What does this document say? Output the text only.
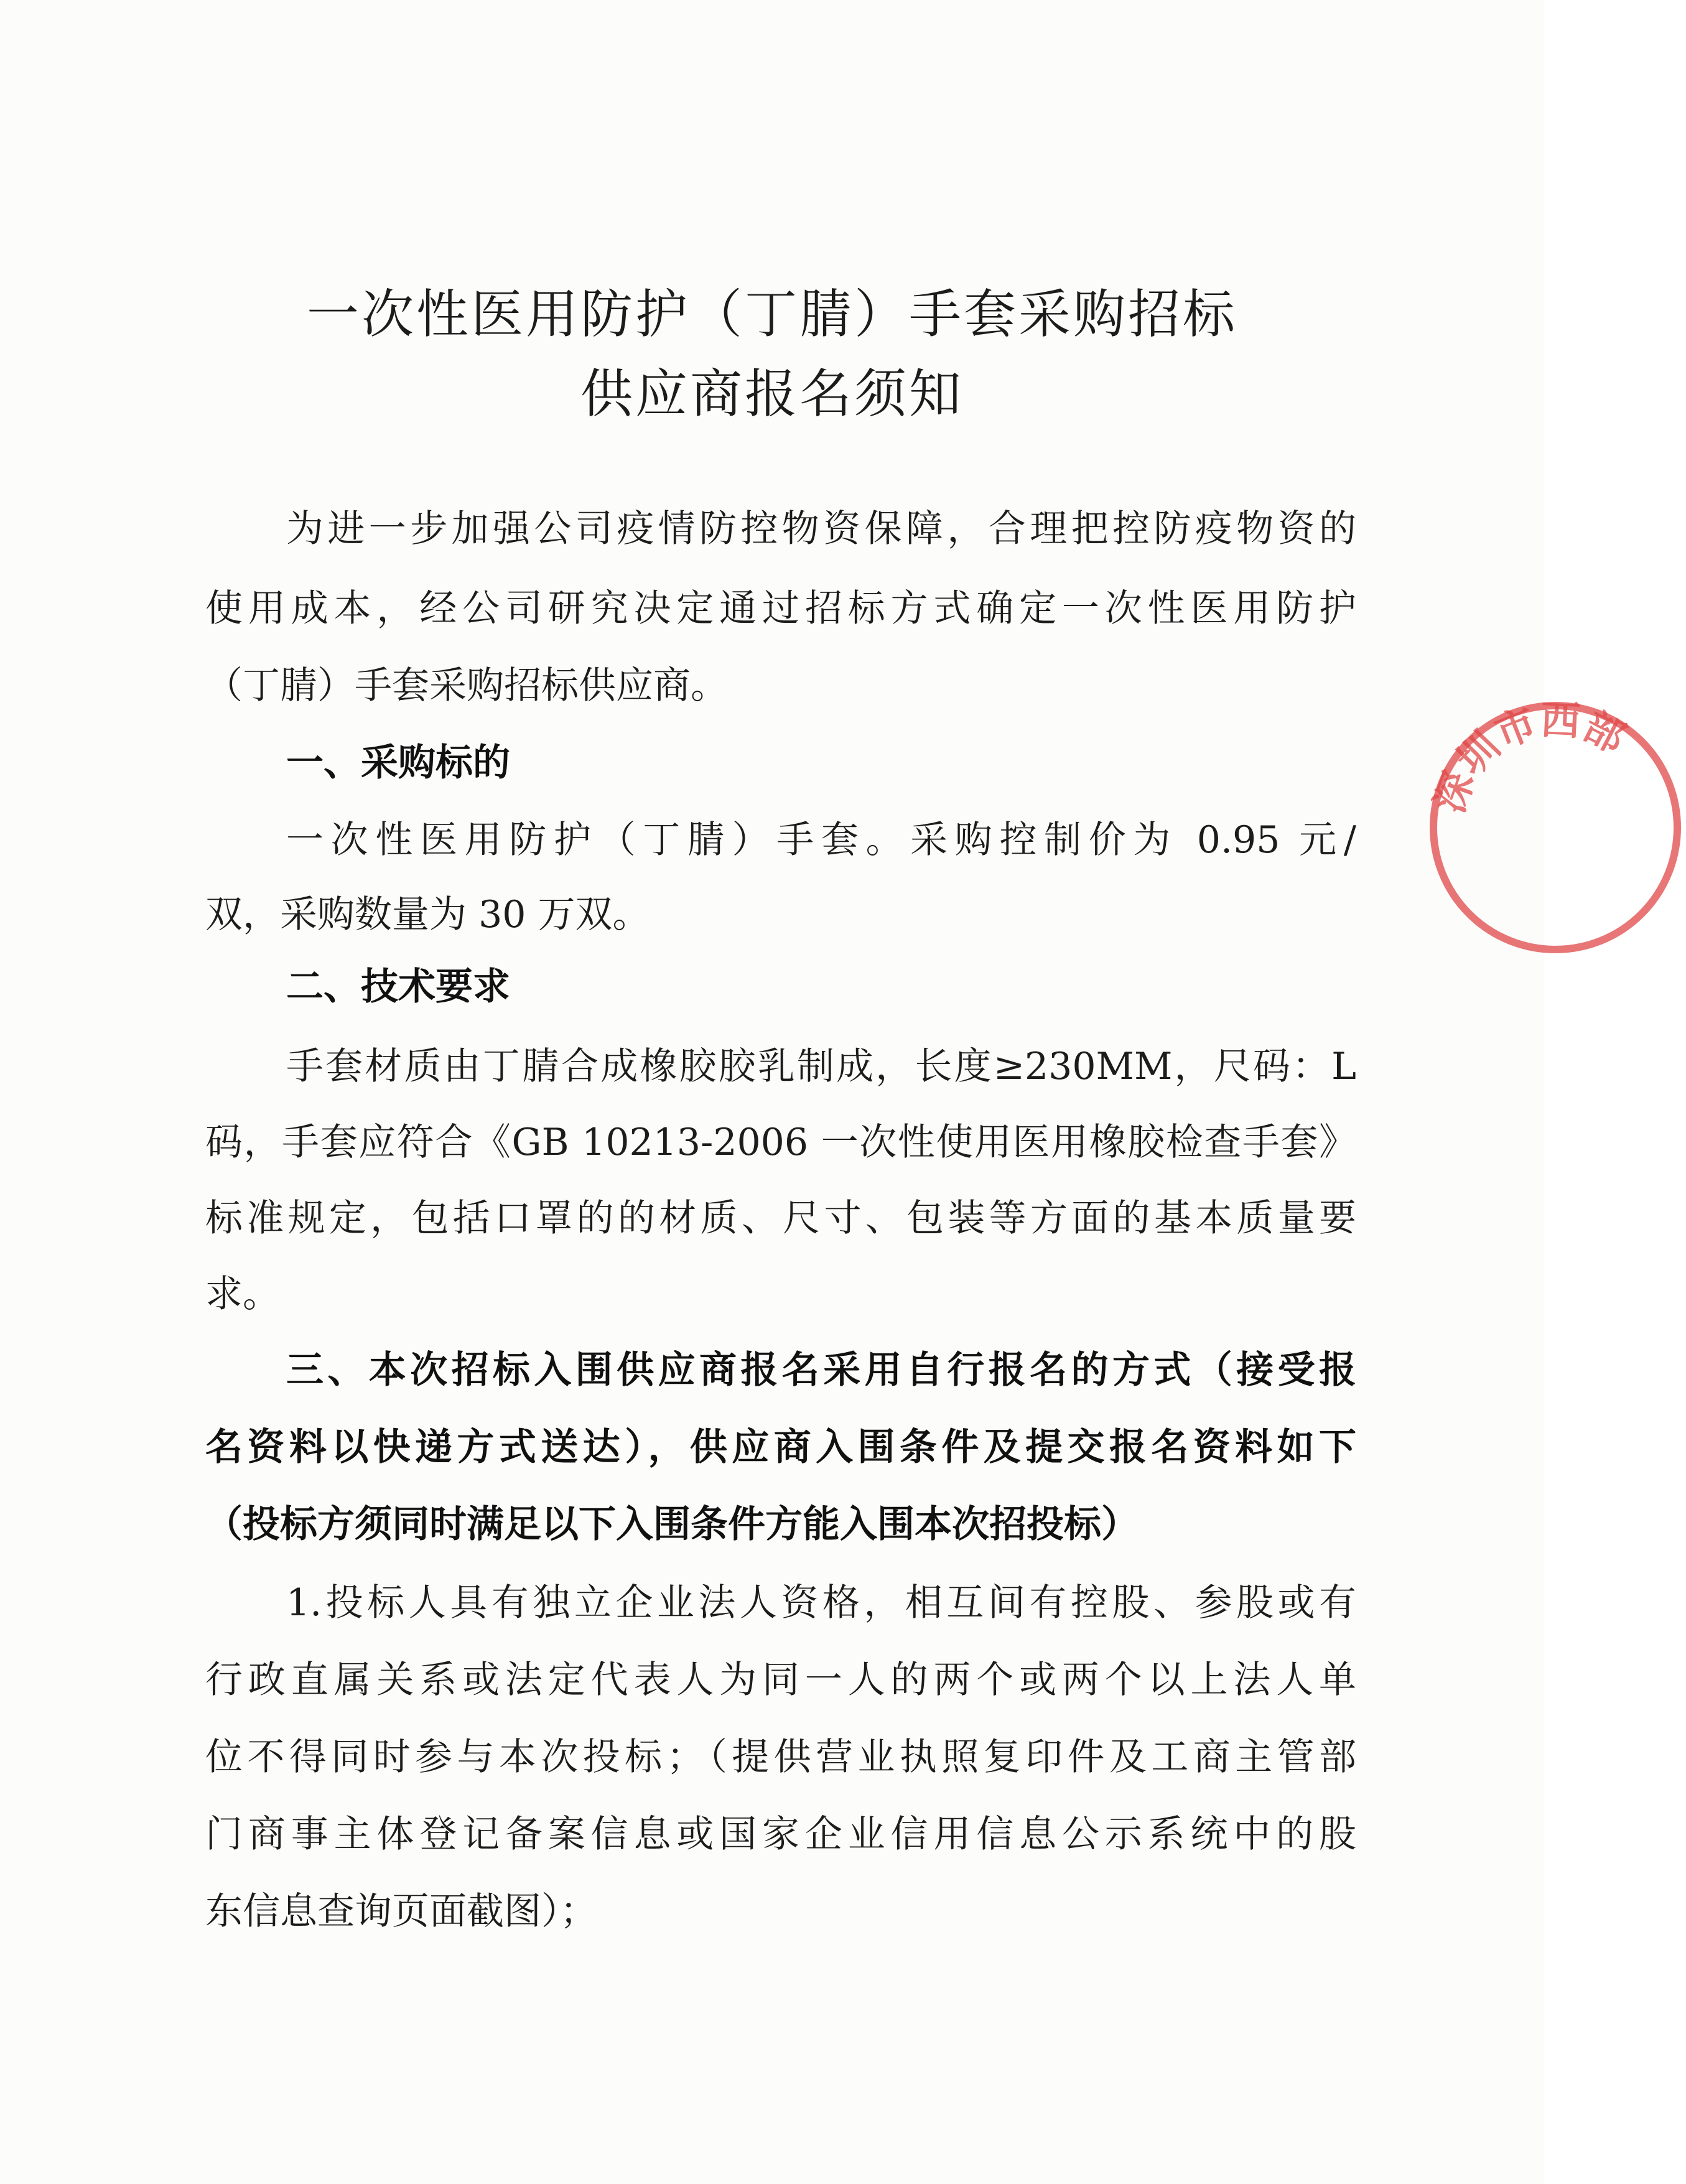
一次性医用防护（丁腈）手套采购招标
供应商报名须知
为进一步加强公司疫情防控物资保障，合理把控防疫物资的
使用成本，经公司研究决定通过招标方式确定一次性医用防护
（丁腈）手套采购招标供应商。
一、采购标的
一次性医用防护（丁腈）手套。采购控制价为 0.95 元/
双，采购数量为 30 万双。
二、技术要求
手套材质由丁腈合成橡胶胶乳制成，长度≥230MM，尺码：L
码，手套应符合《GB 10213-2006 一次性使用医用橡胶检查手套》
标准规定，包括口罩的的材质、尺寸、包装等方面的基本质量要
求。
三、本次招标入围供应商报名采用自行报名的方式（接受报
名资料以快递方式送达），供应商入围条件及提交报名资料如下
（投标方须同时满足以下入围条件方能入围本次招投标）
1.投标人具有独立企业法人资格，相互间有控股、参股或有
行政直属关系或法定代表人为同一人的两个或两个以上法人单
位不得同时参与本次投标；（提供营业执照复印件及工商主管部
门商事主体登记备案信息或国家企业信用信息公示系统中的股
东信息查询页面截图）；
深圳市西部
